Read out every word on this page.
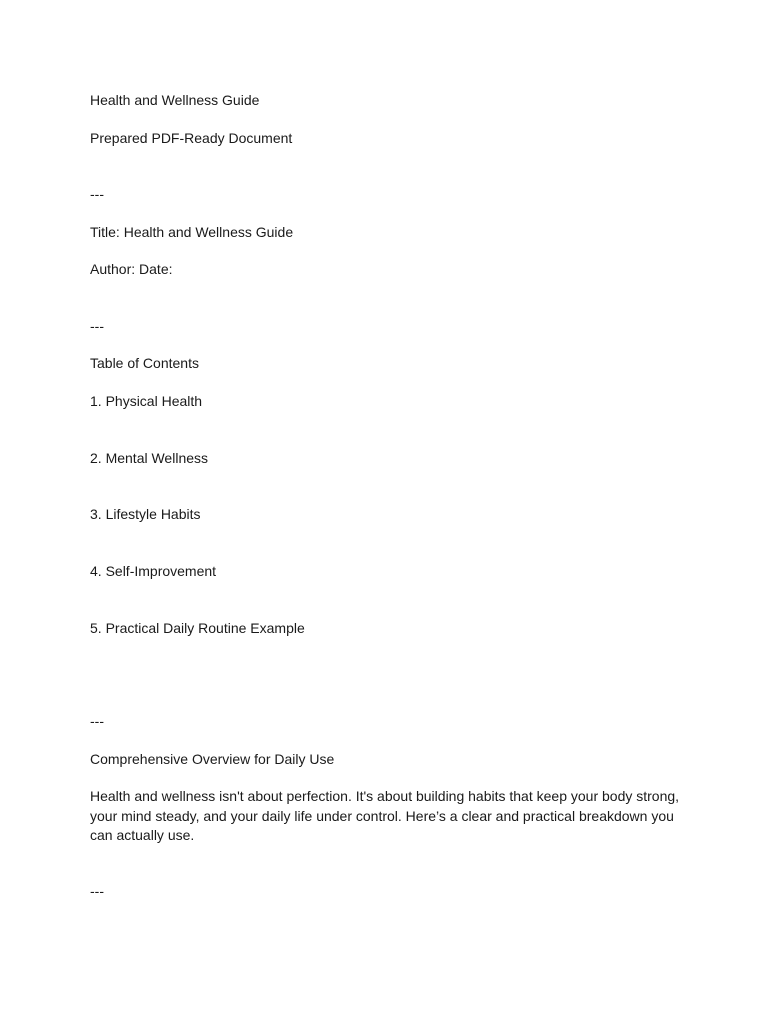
Health and Wellness Guide

Prepared PDF-Ready Document

---

Title: Health and Wellness Guide

Author: Date:

---

Table of Contents

1. Physical Health

2. Mental Wellness

3. Lifestyle Habits

4. Self-Improvement

5. Practical Daily Routine Example

---

Comprehensive Overview for Daily Use

Health and wellness isn't about perfection. It's about building habits that keep your body strong,
your mind steady, and your daily life under control. Here’s a clear and practical breakdown you
can actually use.

---
